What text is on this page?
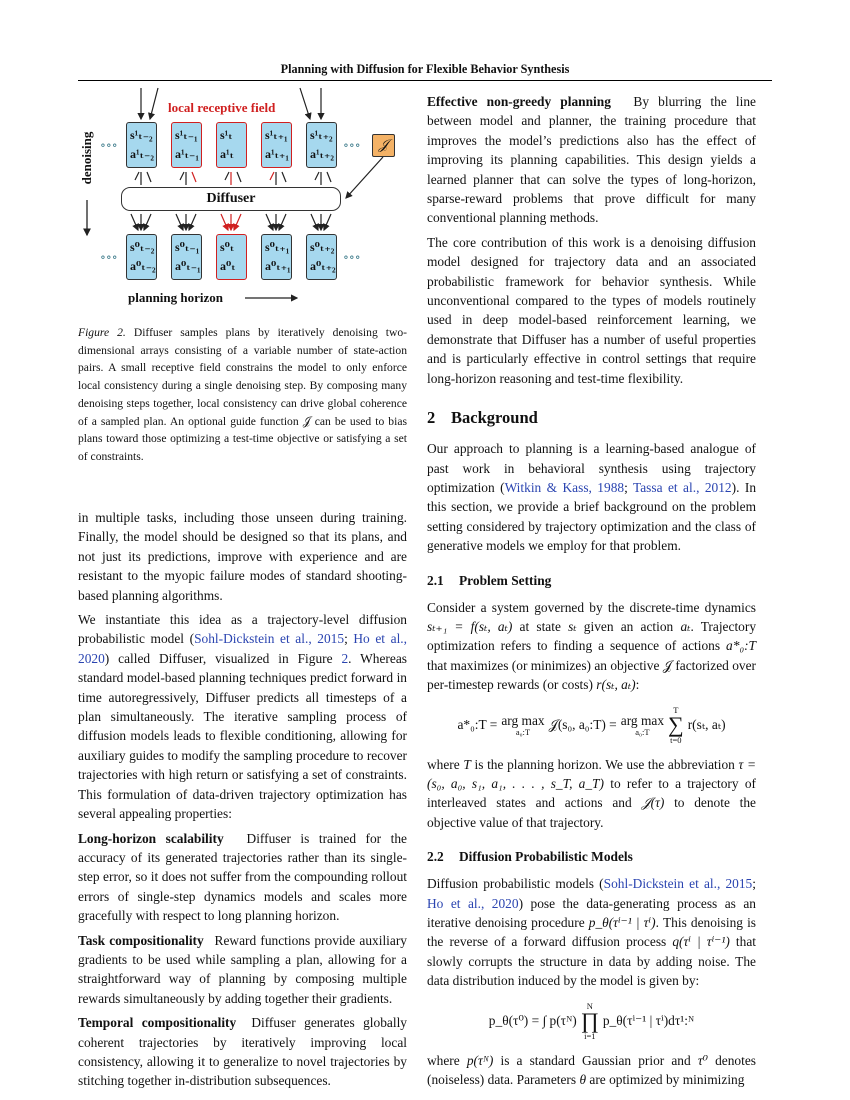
Planning with Diffusion for Flexible Behavior Synthesis
local receptive field
s¹ₜ₋₂
a¹ₜ₋₂
s¹ₜ₋₁
a¹ₜ₋₁
s¹ₜ
a¹ₜ
s¹ₜ₊₁
a¹ₜ₊₁
s¹ₜ₊₂
a¹ₜ₊₂
s⁰ₜ₋₂
a⁰ₜ₋₂
s⁰ₜ₋₁
a⁰ₜ₋₁
s⁰ₜ
a⁰ₜ
s⁰ₜ₊₁
a⁰ₜ₊₁
s⁰ₜ₊₂
a⁰ₜ₊₂
Diffuser
𝒥
denoising
planning horizon
∘∘∘	∘∘∘
∘∘∘	∘∘∘
Figure 2. Diffuser samples plans by iteratively denoising two-dimensional arrays consisting of a variable number of state-action pairs. A small receptive field constrains the model to only enforce local consistency during a single denoising step. By composing many denoising steps together, local consistency can drive global coherence of a sampled plan. An optional guide function 𝒥 can be used to bias plans toward those optimizing a test-time objective or satisfying a set of constraints.

in multiple tasks, including those unseen during training. Finally, the model should be designed so that its plans, and not just its predictions, improve with experience and are resistant to the myopic failure modes of standard shooting-based planning algorithms.

We instantiate this idea as a trajectory-level diffusion probabilistic model (Sohl-Dickstein et al., 2015; Ho et al., 2020) called Diffuser, visualized in Figure 2. Whereas standard model-based planning techniques predict forward in time autoregressively, Diffuser predicts all timesteps of a plan simultaneously. The iterative sampling process of diffusion models leads to flexible conditioning, allowing for auxiliary guides to modify the sampling procedure to recover trajectories with high return or satisfying a set of constraints. This formulation of data-driven trajectory optimization has several appealing properties:

Long-horizon scalability  Diffuser is trained for the accuracy of its generated trajectories rather than its single-step error, so it does not suffer from the compounding rollout errors of single-step dynamics models and scales more gracefully with respect to long planning horizon.

Task compositionality  Reward functions provide auxiliary gradients to be used while sampling a plan, allowing for a straightforward way of planning by composing multiple rewards simultaneously by adding together their gradients.

Temporal compositionality  Diffuser generates globally coherent trajectories by iteratively improving local consistency, allowing it to generalize to novel trajectories by stitching together in-distribution subsequences.

Effective non-greedy planning  By blurring the line between model and planner, the training procedure that improves the model’s predictions also has the effect of improving its planning capabilities. This design yields a learned planner that can solve the types of long-horizon, sparse-reward problems that prove difficult for many conventional planning methods.

The core contribution of this work is a denoising diffusion model designed for trajectory data and an associated probabilistic framework for behavior synthesis. While unconventional compared to the types of models routinely used in deep model-based reinforcement learning, we demonstrate that Diffuser has a number of useful properties and is particularly effective in control settings that require long-horizon reasoning and test-time flexibility.

2 Background

Our approach to planning is a learning-based analogue of past work in behavioral synthesis using trajectory optimization (Witkin & Kass, 1988; Tassa et al., 2012). In this section, we provide a brief background on the problem setting considered by trajectory optimization and the class of generative models we employ for that problem.

2.1 Problem Setting

Consider a system governed by the discrete-time dynamics sₜ₊₁ = f(sₜ, aₜ) at state sₜ given an action aₜ. Trajectory optimization refers to finding a sequence of actions a*₀:T that maximizes (or minimizes) an objective 𝒥 factorized over per-timestep rewards (or costs) r(sₜ, aₜ):

a*₀:T = arg max
a₀:T 𝒥(s₀, a₀:T) = arg max
a₀:T
T
∑
t=0
r(sₜ, aₜ)

where T is the planning horizon. We use the abbreviation τ = (s₀, a₀, s₁, a₁, . . . , s_T, a_T) to refer to a trajectory of interleaved states and actions and 𝒥(τ) to denote the objective value of that trajectory.

2.2 Diffusion Probabilistic Models

Diffusion probabilistic models (Sohl-Dickstein et al., 2015; Ho et al., 2020) pose the data-generating process as an iterative denoising procedure p_θ(τⁱ⁻¹ | τⁱ). This denoising is the reverse of a forward diffusion process q(τⁱ | τⁱ⁻¹) that slowly corrupts the structure in data by adding noise. The data distribution induced by the model is given by:

p_θ(τ⁰) = ∫ p(τᴺ)
N
∏
i=1
p_θ(τⁱ⁻¹ | τⁱ)dτ¹:ᴺ

where p(τᴺ) is a standard Gaussian prior and τ⁰ denotes (noiseless) data. Parameters θ are optimized by minimizing
